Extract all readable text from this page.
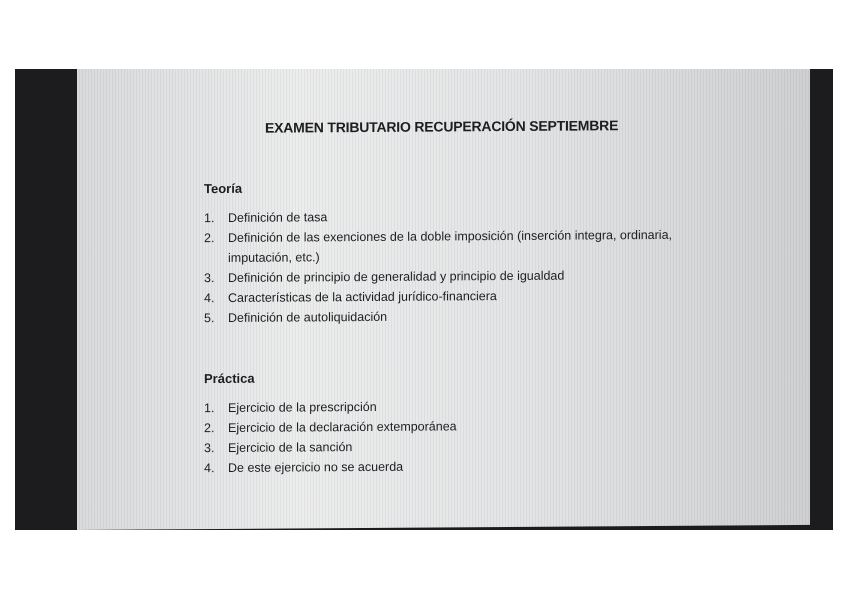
EXAMEN TRIBUTARIO RECUPERACIÓN SEPTIEMBRE
Teoría
1.	Definición de tasa
2.	Definición de las exenciones de la doble imposición (inserción integra, ordinaria, imputación, etc.)
3.	Definición de principio de generalidad y principio de igualdad
4.	Características de la actividad jurídico-financiera
5.	Definición de autoliquidación
Práctica
1.	Ejercicio de la prescripción
2.	Ejercicio de la declaración extemporánea
3.	Ejercicio de la sanción
4.	De este ejercicio no se acuerda
